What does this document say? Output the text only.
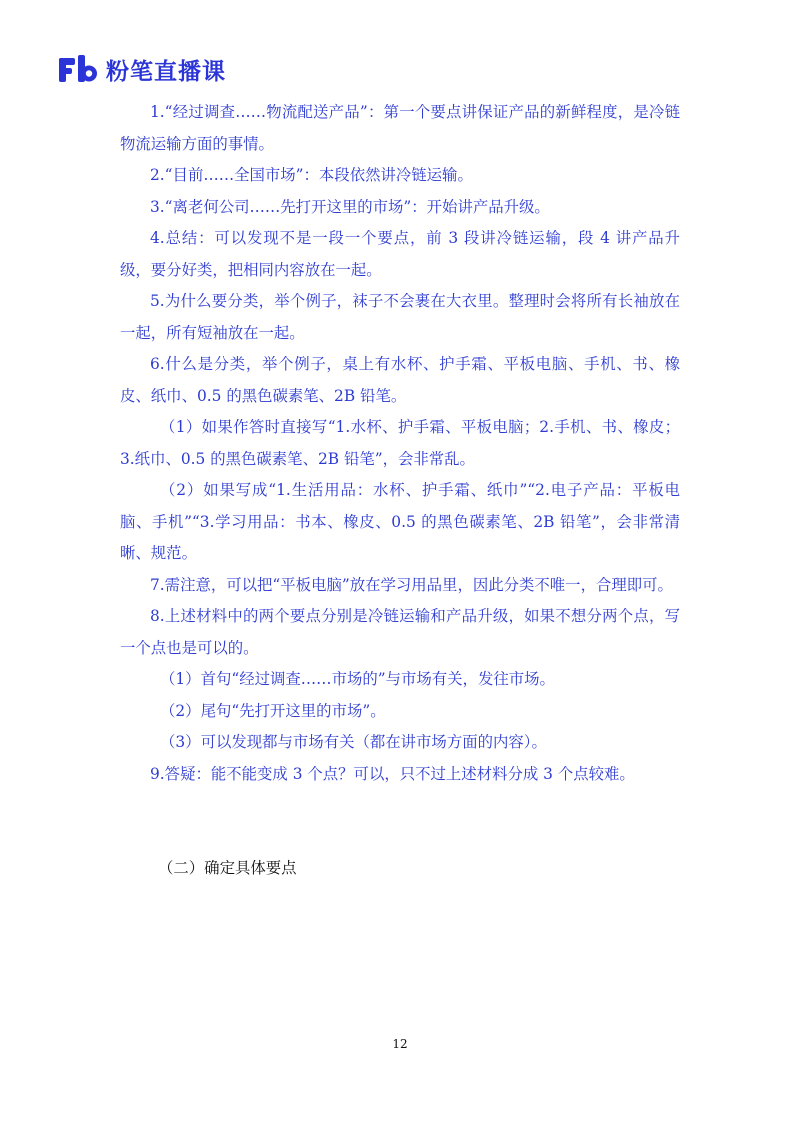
粉笔直播课

1.“经过调查……物流配送产品”：第一个要点讲保证产品的新鲜程度，是冷链物流运输方面的事情。

2.“目前……全国市场”：本段依然讲冷链运输。

3.“离老何公司……先打开这里的市场”：开始讲产品升级。

4.总结：可以发现不是一段一个要点，前 3 段讲冷链运输，段 4 讲产品升级，要分好类，把相同内容放在一起。

5.为什么要分类，举个例子，袜子不会裹在大衣里。整理时会将所有长袖放在一起，所有短袖放在一起。

6.什么是分类，举个例子，桌上有水杯、护手霜、平板电脑、手机、书、橡皮、纸巾、0.5 的黑色碳素笔、2B 铅笔。

（1）如果作答时直接写“1.水杯、护手霜、平板电脑；2.手机、书、橡皮；3.纸巾、0.5 的黑色碳素笔、2B 铅笔”，会非常乱。

（2）如果写成“1.生活用品：水杯、护手霜、纸巾”“2.电子产品：平板电脑、手机”“3.学习用品：书本、橡皮、0.5 的黑色碳素笔、2B 铅笔”，会非常清晰、规范。

7.需注意，可以把“平板电脑”放在学习用品里，因此分类不唯一，合理即可。

8.上述材料中的两个要点分别是冷链运输和产品升级，如果不想分两个点，写一个点也是可以的。

（1）首句“经过调查……市场的”与市场有关，发往市场。

（2）尾句“先打开这里的市场”。

（3）可以发现都与市场有关（都在讲市场方面的内容）。

9.答疑：能不能变成 3 个点？可以，只不过上述材料分成 3 个点较难。

（二）确定具体要点

12
